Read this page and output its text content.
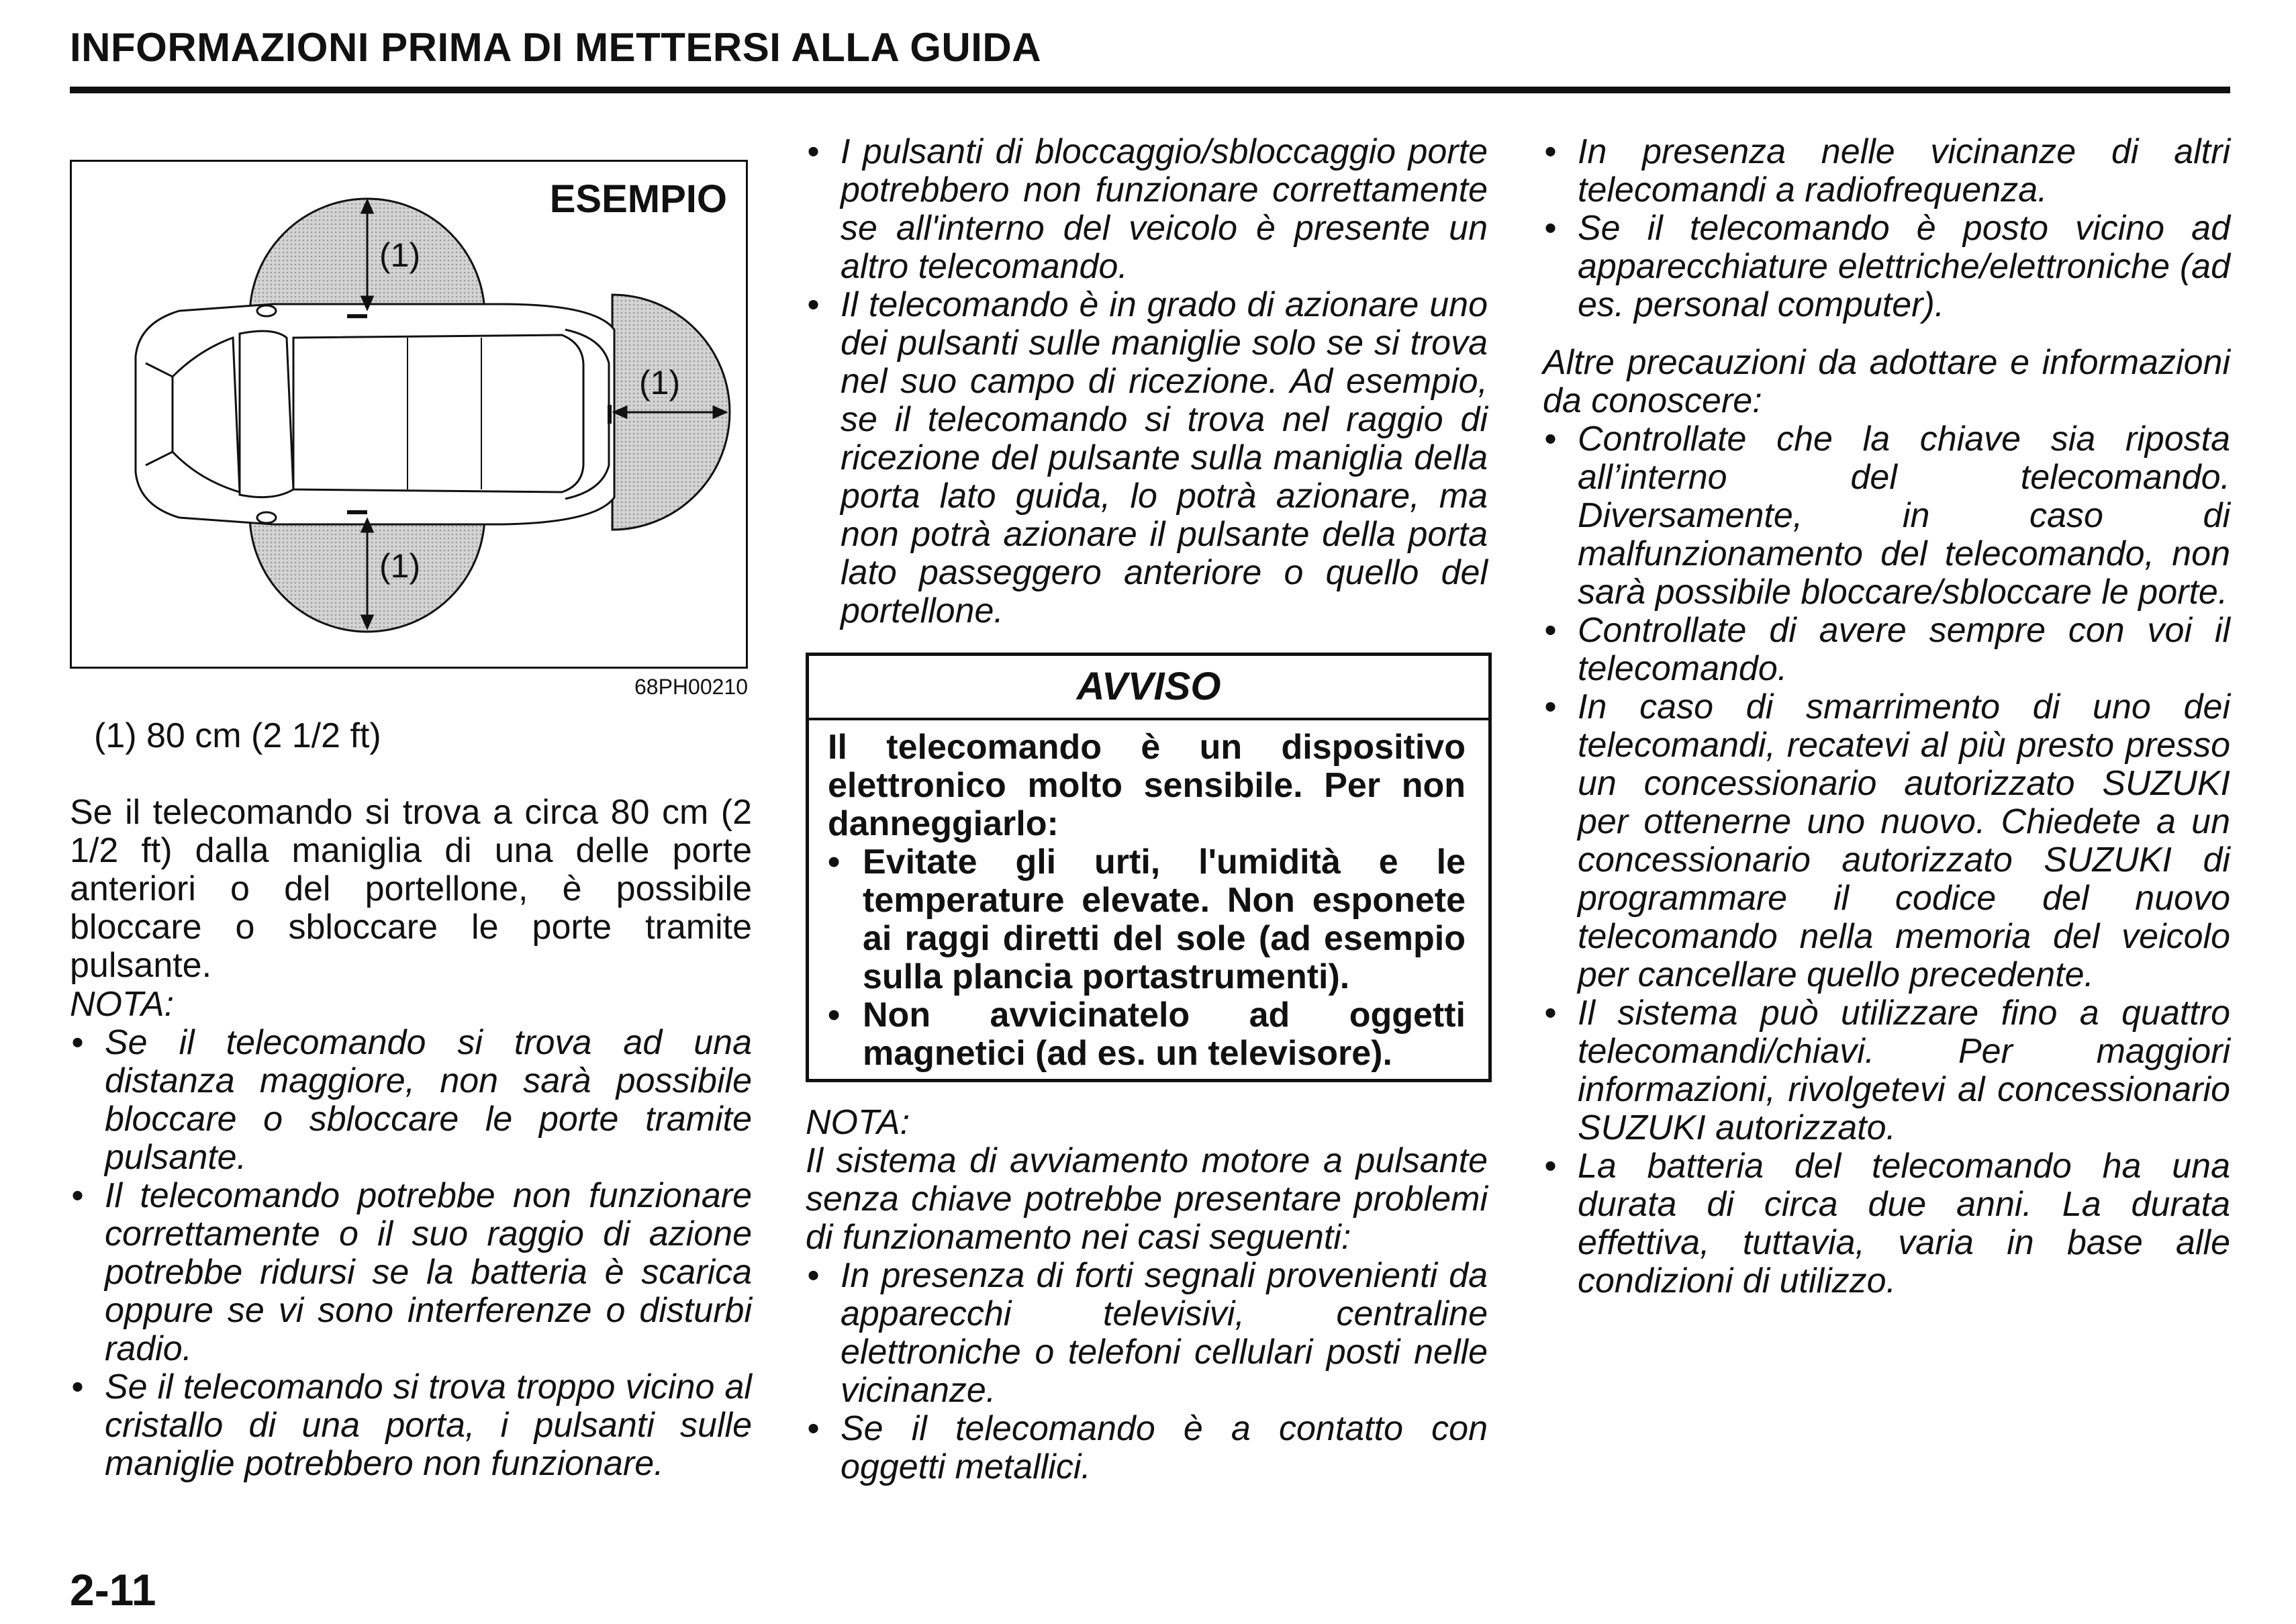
INFORMAZIONI PRIMA DI METTERSI ALLA GUIDA
ESEMPIO
(1)
(1)
(1)
68PH00210
(1) 80 cm (2 1/2 ft)
Se il telecomando si trova a circa 80 cm (2 1/2 ft) dalla maniglia di una delle porte anteriori o del portellone, è possibile bloccare o sbloccare le porte tramite pulsante.
NOTA:
• Se il telecomando si trova ad una distanza maggiore, non sarà possibile bloccare o sbloccare le porte tramite pulsante.
• Il telecomando potrebbe non funzionare correttamente o il suo raggio di azione potrebbe ridursi se la batteria è scarica oppure se vi sono interferenze o disturbi radio.
• Se il telecomando si trova troppo vicino al cristallo di una porta, i pulsanti sulle maniglie potrebbero non funzionare.
• I pulsanti di bloccaggio/sbloccaggio porte potrebbero non funzionare correttamente se all'interno del veicolo è presente un altro telecomando.
• Il telecomando è in grado di azionare uno dei pulsanti sulle maniglie solo se si trova nel suo campo di ricezione. Ad esempio, se il telecomando si trova nel raggio di ricezione del pulsante sulla maniglia della porta lato guida, lo potrà azionare, ma non potrà azionare il pulsante della porta lato passeggero anteriore o quello del portellone.
AVVISO
Il telecomando è un dispositivo elettronico molto sensibile. Per non danneggiarlo:
• Evitate gli urti, l'umidità e le temperature elevate. Non esponete ai raggi diretti del sole (ad esempio sulla plancia portastrumenti).
• Non avvicinatelo ad oggetti magnetici (ad es. un televisore).
NOTA:
Il sistema di avviamento motore a pulsante senza chiave potrebbe presentare problemi di funzionamento nei casi seguenti:
• In presenza di forti segnali provenienti da apparecchi televisivi, centraline elettroniche o telefoni cellulari posti nelle vicinanze.
• Se il telecomando è a contatto con oggetti metallici.
• In presenza nelle vicinanze di altri telecomandi a radiofrequenza.
• Se il telecomando è posto vicino ad apparecchiature elettriche/elettroniche (ad es. personal computer).
Altre precauzioni da adottare e informazioni da conoscere:
• Controllate che la chiave sia riposta all’interno del telecomando. Diversamente, in caso di malfunzionamento del telecomando, non sarà possibile bloccare/sbloccare le porte.
• Controllate di avere sempre con voi il telecomando.
• In caso di smarrimento di uno dei telecomandi, recatevi al più presto presso un concessionario autorizzato SUZUKI per ottenerne uno nuovo. Chiedete a un concessionario autorizzato SUZUKI di programmare il codice del nuovo telecomando nella memoria del veicolo per cancellare quello precedente.
• Il sistema può utilizzare fino a quattro telecomandi/chiavi. Per maggiori informazioni, rivolgetevi al concessionario SUZUKI autorizzato.
• La batteria del telecomando ha una durata di circa due anni. La durata effettiva, tuttavia, varia in base alle condizioni di utilizzo.
2-11
